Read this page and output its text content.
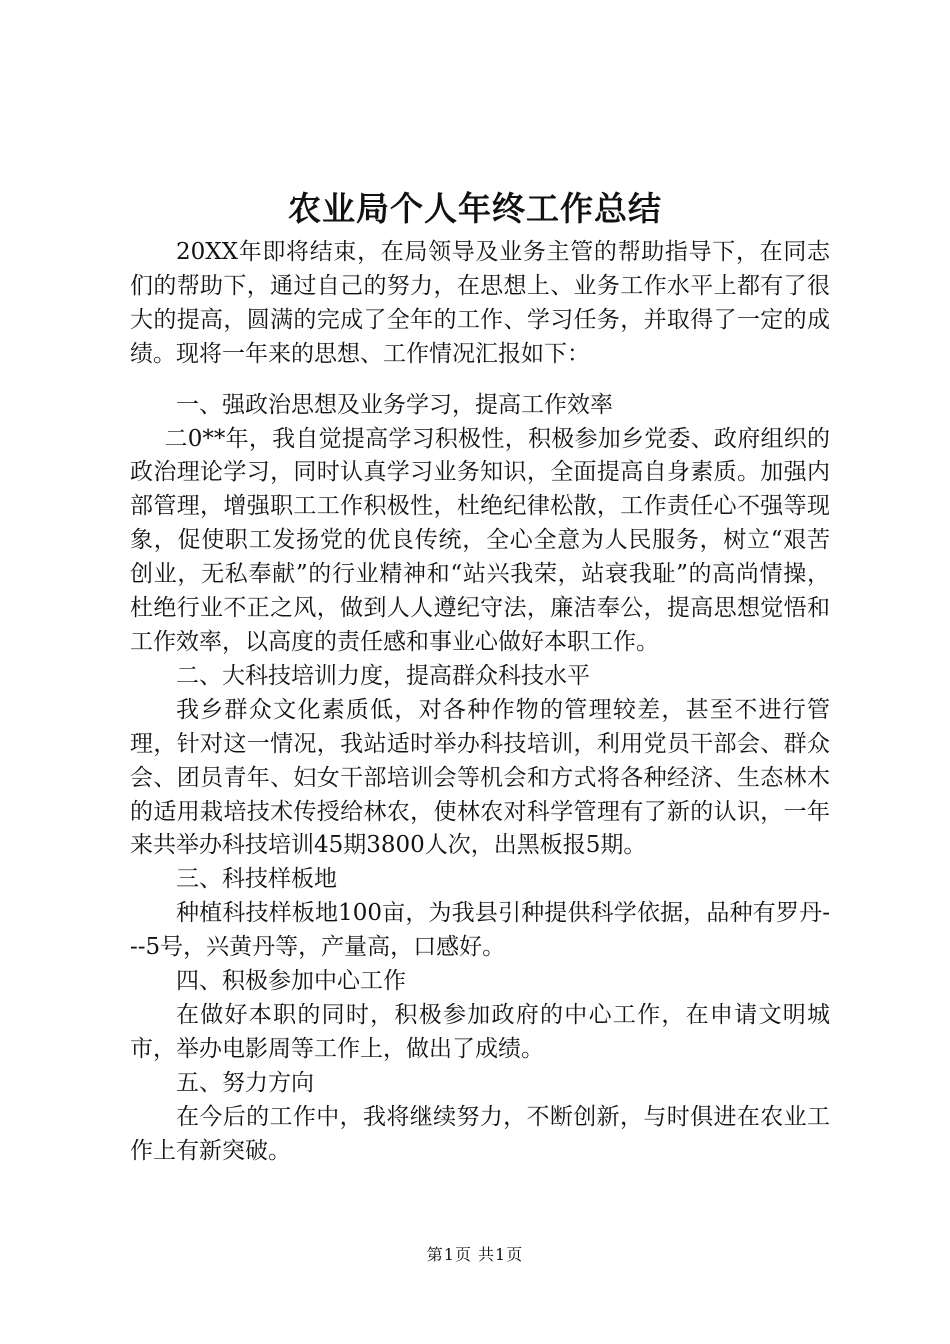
农业局个人年终工作总结

20XX年即将结束，在局领导及业务主管的帮助指导下，在同志们的帮助下，通过自己的努力，在思想上、业务工作水平上都有了很大的提高，圆满的完成了全年的工作、学习任务，并取得了一定的成绩。现将一年来的思想、工作情况汇报如下：

一、强政治思想及业务学习，提高工作效率

二0**年，我自觉提高学习积极性，积极参加乡党委、政府组织的政治理论学习，同时认真学习业务知识，全面提高自身素质。加强内部管理，增强职工工作积极性，杜绝纪律松散，工作责任心不强等现象，促使职工发扬党的优良传统，全心全意为人民服务，树立“艰苦创业，无私奉献”的行业精神和“站兴我荣，站衰我耻”的高尚情操，杜绝行业不正之风，做到人人遵纪守法，廉洁奉公，提高思想觉悟和工作效率，以高度的责任感和事业心做好本职工作。

二、大科技培训力度，提高群众科技水平

我乡群众文化素质低，对各种作物的管理较差，甚至不进行管理，针对这一情况，我站适时举办科技培训，利用党员干部会、群众会、团员青年、妇女干部培训会等机会和方式将各种经济、生态林木的适用栽培技术传授给林农，使林农对科学管理有了新的认识，一年来共举办科技培训45期3800人次，出黑板报5期。

三、科技样板地

种植科技样板地100亩，为我县引种提供科学依据，品种有罗丹---5号，兴黄丹等，产量高，口感好。

四、积极参加中心工作

在做好本职的同时，积极参加政府的中心工作，在申请文明城市，举办电影周等工作上，做出了成绩。

五、努力方向

在今后的工作中，我将继续努力，不断创新，与时俱进在农业工作上有新突破。

第1页 共1页
